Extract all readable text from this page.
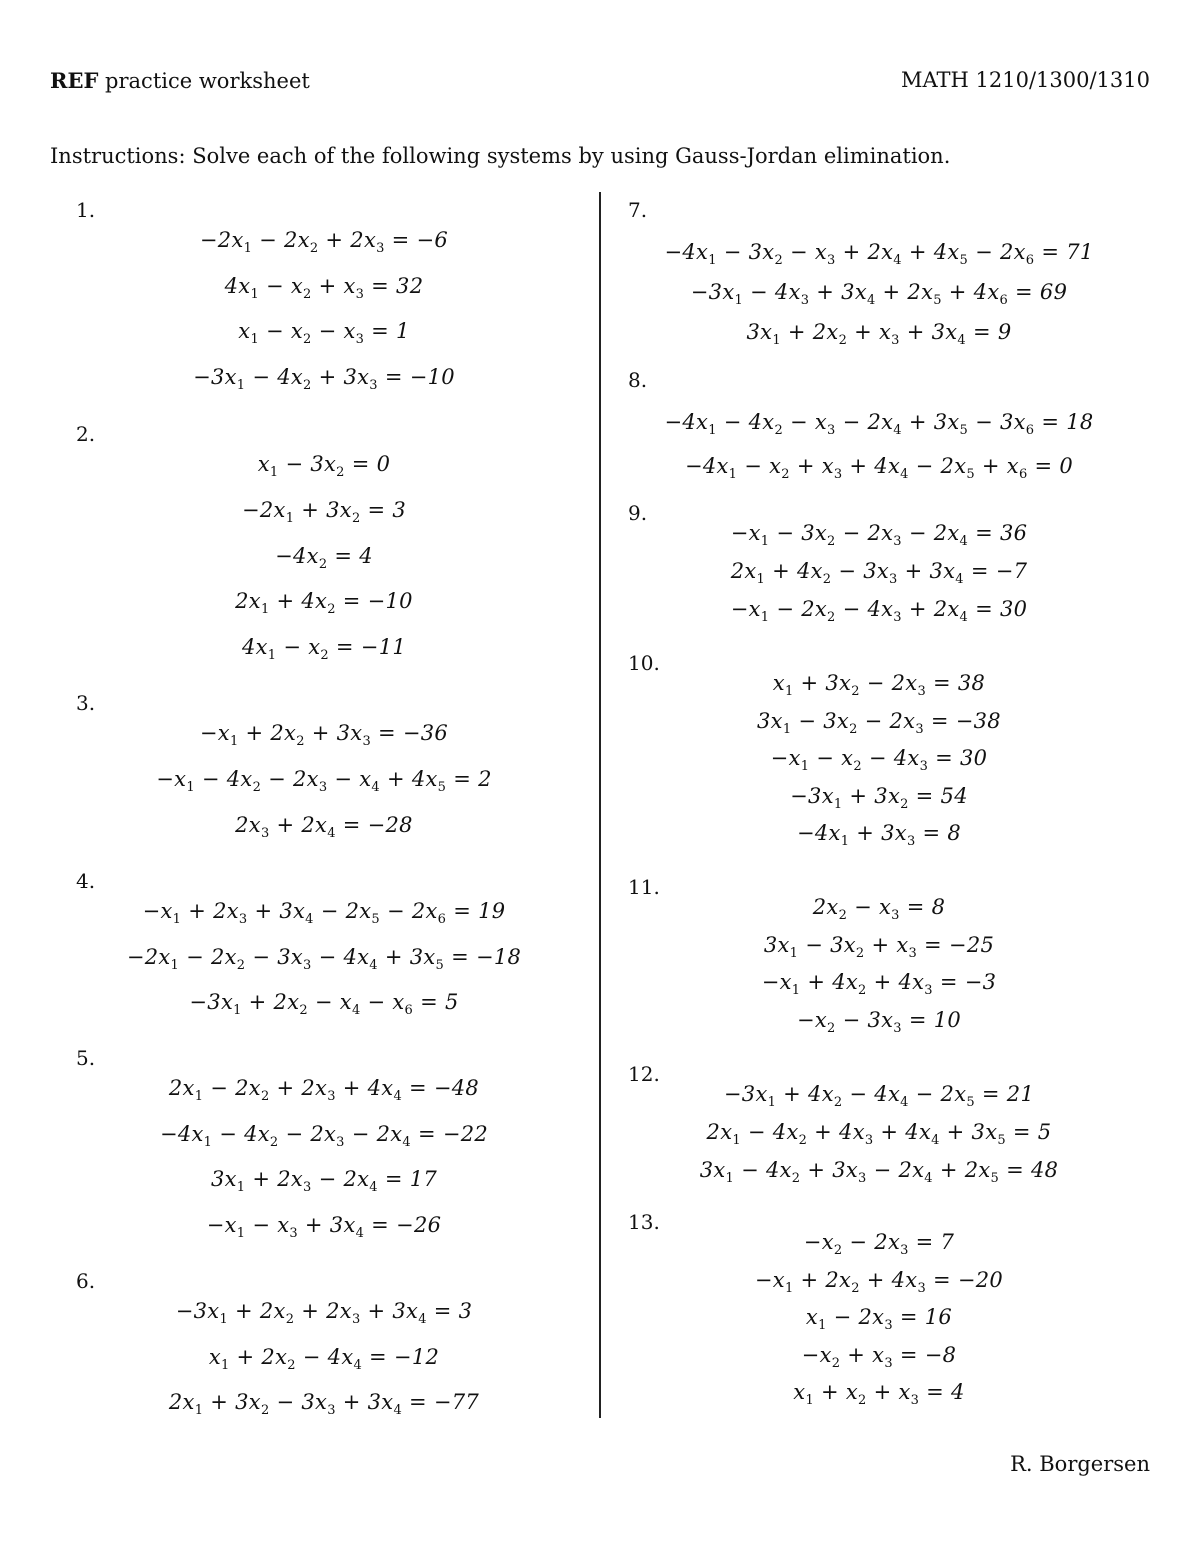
REF practice worksheet	MATH 1210/1300/1310
Instructions: Solve each of the following systems by using Gauss-Jordan elimination.
1.
$-2x_1 - 2x_2 + 2x_3 = -6$
$4x_1 - x_2 + x_3 = 32$
$x_1 - x_2 - x_3 = 1$
$-3x_1 - 4x_2 + 3x_3 = -10$
2.
$x_1 - 3x_2 = 0$
$-2x_1 + 3x_2 = 3$
$-4x_2 = 4$
$2x_1 + 4x_2 = -10$
$4x_1 - x_2 = -11$
3.
$-x_1 + 2x_2 + 3x_3 = -36$
$-x_1 - 4x_2 - 2x_3 - x_4 + 4x_5 = 2$
$2x_3 + 2x_4 = -28$
4.
$-x_1 + 2x_3 + 3x_4 - 2x_5 - 2x_6 = 19$
$-2x_1 - 2x_2 - 3x_3 - 4x_4 + 3x_5 = -18$
$-3x_1 + 2x_2 - x_4 - x_6 = 5$
5.
$2x_1 - 2x_2 + 2x_3 + 4x_4 = -48$
$-4x_1 - 4x_2 - 2x_3 - 2x_4 = -22$
$3x_1 + 2x_3 - 2x_4 = 17$
$-x_1 - x_3 + 3x_4 = -26$
6.
$-3x_1 + 2x_2 + 2x_3 + 3x_4 = 3$
$x_1 + 2x_2 - 4x_4 = -12$
$2x_1 + 3x_2 - 3x_3 + 3x_4 = -77$
7.
$-4x_1 - 3x_2 - x_3 + 2x_4 + 4x_5 - 2x_6 = 71$
$-3x_1 - 4x_3 + 3x_4 + 2x_5 + 4x_6 = 69$
$3x_1 + 2x_2 + x_3 + 3x_4 = 9$
8.
$-4x_1 - 4x_2 - x_3 - 2x_4 + 3x_5 - 3x_6 = 18$
$-4x_1 - x_2 + x_3 + 4x_4 - 2x_5 + x_6 = 0$
9.
$-x_1 - 3x_2 - 2x_3 - 2x_4 = 36$
$2x_1 + 4x_2 - 3x_3 + 3x_4 = -7$
$-x_1 - 2x_2 - 4x_3 + 2x_4 = 30$
10.
$x_1 + 3x_2 - 2x_3 = 38$
$3x_1 - 3x_2 - 2x_3 = -38$
$-x_1 - x_2 - 4x_3 = 30$
$-3x_1 + 3x_2 = 54$
$-4x_1 + 3x_3 = 8$
11.
$2x_2 - x_3 = 8$
$3x_1 - 3x_2 + x_3 = -25$
$-x_1 + 4x_2 + 4x_3 = -3$
$-x_2 - 3x_3 = 10$
12.
$-3x_1 + 4x_2 - 4x_4 - 2x_5 = 21$
$2x_1 - 4x_2 + 4x_3 + 4x_4 + 3x_5 = 5$
$3x_1 - 4x_2 + 3x_3 - 2x_4 + 2x_5 = 48$
13.
$-x_2 - 2x_3 = 7$
$-x_1 + 2x_2 + 4x_3 = -20$
$x_1 - 2x_3 = 16$
$-x_2 + x_3 = -8$
$x_1 + x_2 + x_3 = 4$
R. Borgersen
